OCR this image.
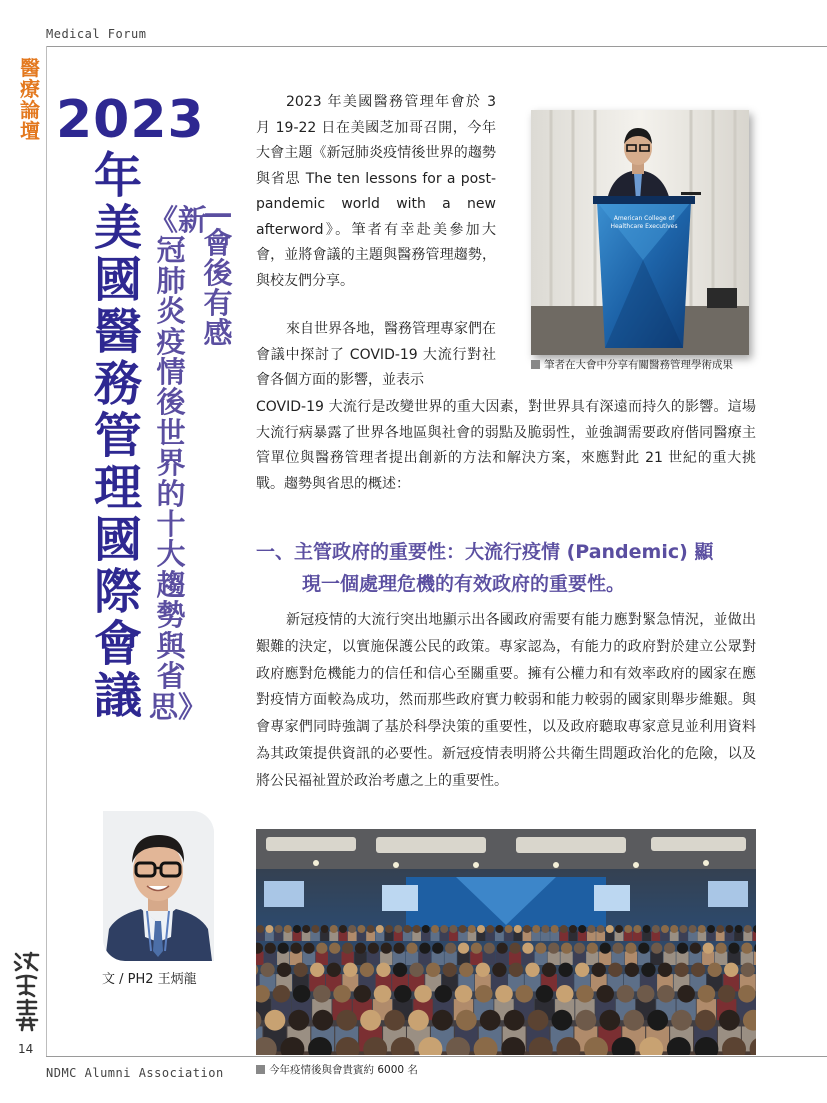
Medical Forum
醫療論壇 2023
年美國醫務管理國際會議
《新冠肺炎疫情後世界的十大趨勢與省思》
—會後有感
文 / PH2 王炳龍
14
NDMC Alumni Association

2023 年美國醫務管理年會於 3 月 19-22 日在美國芝加哥召開，今年大會主題《新冠肺炎疫情後世界的趨勢與省思 The ten lessons for a post-pandemic world with a new afterword》。筆者有幸赴美參加大會，並將會議的主題與醫務管理趨勢，與校友們分享。

來自世界各地，醫務管理專家們在會議中探討了 COVID-19 大流行對社會各個方面的影響，並表示

COVID-19 大流行是改變世界的重大因素，對世界具有深遠而持久的影響。這場大流行病暴露了世界各地區與社會的弱點及脆弱性，並強調需要政府偕同醫療主管單位與醫務管理者提出創新的方法和解決方案，來應對此 21 世紀的重大挑戰。趨勢與省思的概述：

American College of
Healthcare Executives
筆者在大會中分享有關醫務管理學術成果
一、主管政府的重要性：大流行疫情 (Pandemic) 顯
現一個處理危機的有效政府的重要性。

新冠疫情的大流行突出地顯示出各國政府需要有能力應對緊急情況，並做出艱難的決定，以實施保護公民的政策。專家認為，有能力的政府對於建立公眾對政府應對危機能力的信任和信心至關重要。擁有公權力和有效率政府的國家在應對疫情方面較為成功，然而那些政府實力較弱和能力較弱的國家則舉步維艱。與會專家們同時強調了基於科學決策的重要性，以及政府聽取專家意見並利用資料為其政策提供資訊的必要性。新冠疫情表明將公共衛生問題政治化的危險，以及將公民福祉置於政治考慮之上的重要性。

今年疫情後與會貴賓約 6000 名
